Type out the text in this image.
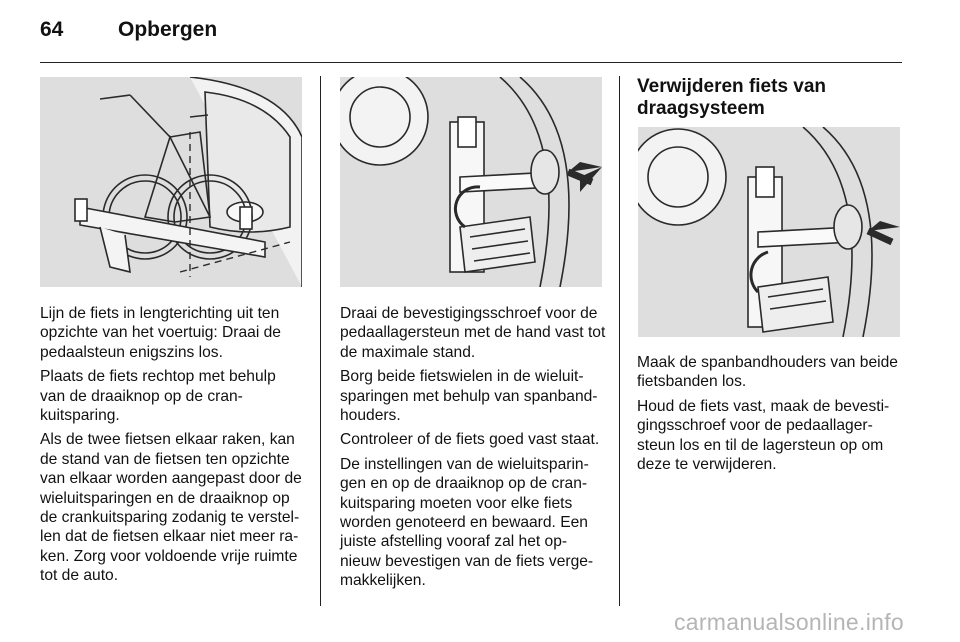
64	Opbergen

Lijn de fiets in lengterichting uit ten opzichte van het voertuig: Draai de pedaalsteun enigszins los.

Plaats de fiets rechtop met behulp van de draaiknop op de cran-kuitsparing.

Als de twee fietsen elkaar raken, kan de stand van de fietsen ten opzichte van elkaar worden aangepast door de wieluitsparingen en de draaiknop op de crankuitsparing zodanig te verstel-len dat de fietsen elkaar niet meer ra-ken. Zorg voor voldoende vrije ruimte tot de auto.

Draai de bevestigingsschroef voor de pedaallagersteun met de hand vast tot de maximale stand.

Borg beide fietswielen in de wieluit-sparingen met behulp van spanband-houders.

Controleer of de fiets goed vast staat.

De instellingen van de wieluitsparin-gen en op de draaiknop op de cran-kuitsparing moeten voor elke fiets worden genoteerd en bewaard. Een juiste afstelling vooraf zal het op-nieuw bevestigen van de fiets verge-makkelijken.

Verwijderen fiets van draagsysteem

Maak de spanbandhouders van beide fietsbanden los.

Houd de fiets vast, maak de bevesti-gingsschroef voor de pedaallager-steun los en til de lagersteun op om deze te verwijderen.

carmanualsonline.info
